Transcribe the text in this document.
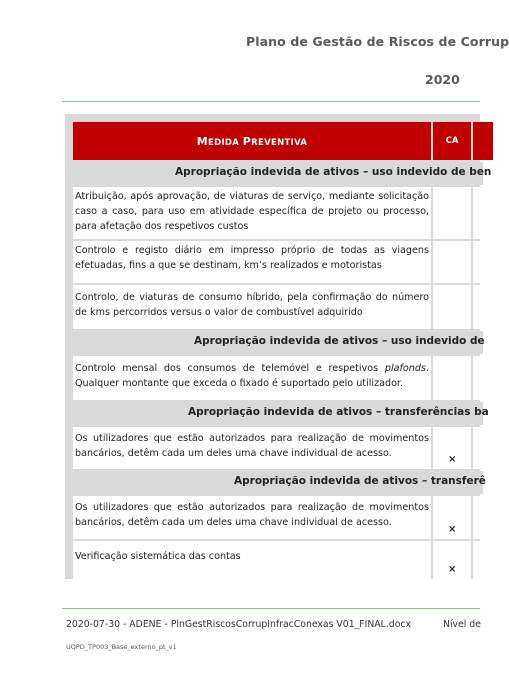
Plano de Gestão de Riscos de Corrup
2020
MEDIDA PREVENTIVA	CA
Apropriação indevida de ativos – uso indevido de ben
Atribuição, após aprovação, de viaturas de serviço, mediante solicitação caso a caso, para uso em atividade específica de projeto ou processo, para afetação dos respetivos custos
Controlo e registo diário em impresso próprio de todas as viagens efetuadas, fins a que se destinam, km’s realizados e motoristas
Controlo, de viaturas de consumo híbrido, pela confirmação do número de kms percorridos versus o valor de combustível adquirido
Apropriação indevida de ativos – uso indevido de
Controlo mensal dos consumos de telemóvel e respetivos plafonds. Qualquer montante que exceda o fixado é suportado pelo utilizador.
Apropriação indevida de ativos – transferências ba
Os utilizadores que estão autorizados para realização de movimentos bancários, detêm cada um deles uma chave individual de acesso.
×
Apropriação indevida de ativos – transferê
Os utilizadores que estão autorizados para realização de movimentos bancários, detêm cada um deles uma chave individual de acesso.
×
Verificação sistemática das contas
×
2020-07-30 - ADENE - PlnGestRiscosCorrupInfracConexas V01_FINAL.docx	Nível de
UQPD_TP003_Base_externo_pt_v1
